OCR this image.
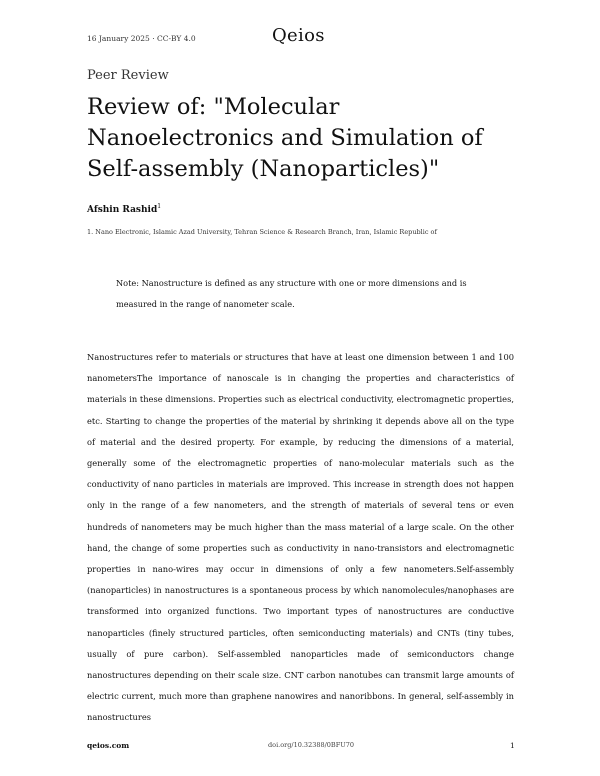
16 January 2025 · CC-BY 4.0	Qeios
Peer Review
Review of: "Molecular Nanoelectronics and Simulation of Self-assembly (Nanoparticles)"
Afshin Rashid$^1$
1. Nano Electronic, Islamic Azad University, Tehran Science & Research Branch, Iran, Islamic Republic of
Note: Nanostructure is defined as any structure with one or more dimensions and is measured in the range of nanometer scale.

Nanostructures refer to materials or structures that have at least one dimension between 1 and 100 nanometersThe importance of nanoscale is in changing the properties and characteristics of materials in these dimensions. Properties such as electrical conductivity, electromagnetic properties, etc. Starting to change the properties of the material by shrinking it depends above all on the type of material and the desired property. For example, by reducing the dimensions of a material, generally some of the electromagnetic properties of nano-molecular materials such as the conductivity of nano particles in materials are improved. This increase in strength does not happen only in the range of a few nanometers, and the strength of materials of several tens or even hundreds of nanometers may be much higher than the mass material of a large scale. On the other hand, the change of some properties such as conductivity in nano-transistors and electromagnetic properties in nano-wires may occur in dimensions of only a few nanometers.Self-assembly (nanoparticles) in nanostructures is a spontaneous process by which nanomolecules/nanophases are transformed into organized functions. Two important types of nanostructures are conductive nanoparticles (finely structured particles, often semiconducting materials) and CNTs (tiny tubes, usually of pure carbon). Self-assembled nanoparticles made of semiconductors change nanostructures depending on their scale size. CNT carbon nanotubes can transmit large amounts of electric current, much more than graphene nanowires and nanoribbons. In general, self-assembly in nanostructures

qeios.com	doi.org/10.32388/0BFU70	1
